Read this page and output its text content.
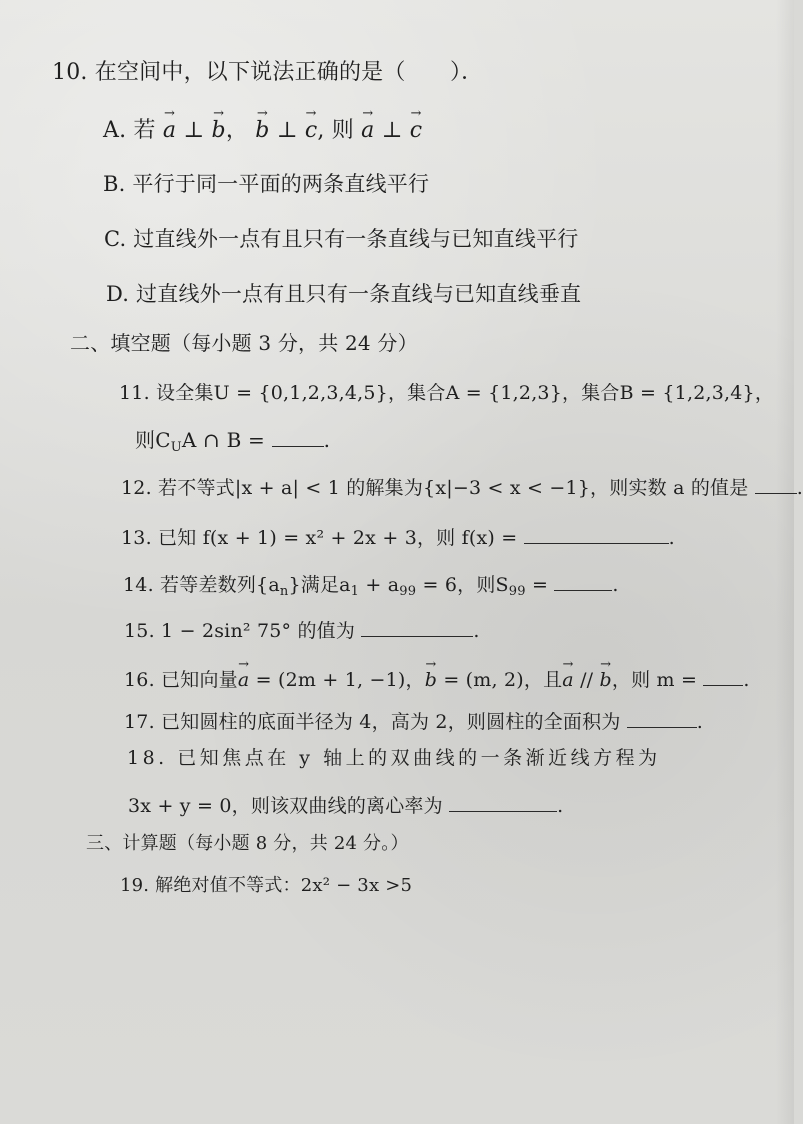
10. 在空间中，以下说法正确的是（　　）．
A. 若 → a ⊥ → b， → b ⊥ → c, 则 → a ⊥ → c
B. 平行于同一平面的两条直线平行
C. 过直线外一点有且只有一条直线与已知直线平行
D. 过直线外一点有且只有一条直线与已知直线垂直
二、填空题（每小题 3 分，共 24 分）
11. 设全集U = {0,1,2,3,4,5}，集合A = {1,2,3}，集合B = {1,2,3,4}，
则$C_UA$ ∩ B =	.
12. 若不等式|x + a| < 1 的解集为{x|−3 < x < −1}，则实数 a 的值是	.
13. 已知 f(x + 1) = x² + 2x + 3，则 f(x) =	.
14. 若等差数列$\{a_n\}$满足$a_1 + a_{99} = 6$，则$S_{99}$ =	.
15. 1 − 2sin² 75° 的值为	.
16. 已知向量→ a = (2m + 1, −1)，→ b = (m, 2)，且→ a // → b，则 m = .
17. 已知圆柱的底面半径为 4，高为 2，则圆柱的全面积为	.
18. 已知焦点在 y 轴上的双曲线的一条渐近线方程为
3x + y = 0，则该双曲线的离心率为	.
三、计算题（每小题 8 分，共 24 分。）
19. 解绝对值不等式：2x² − 3x >5
